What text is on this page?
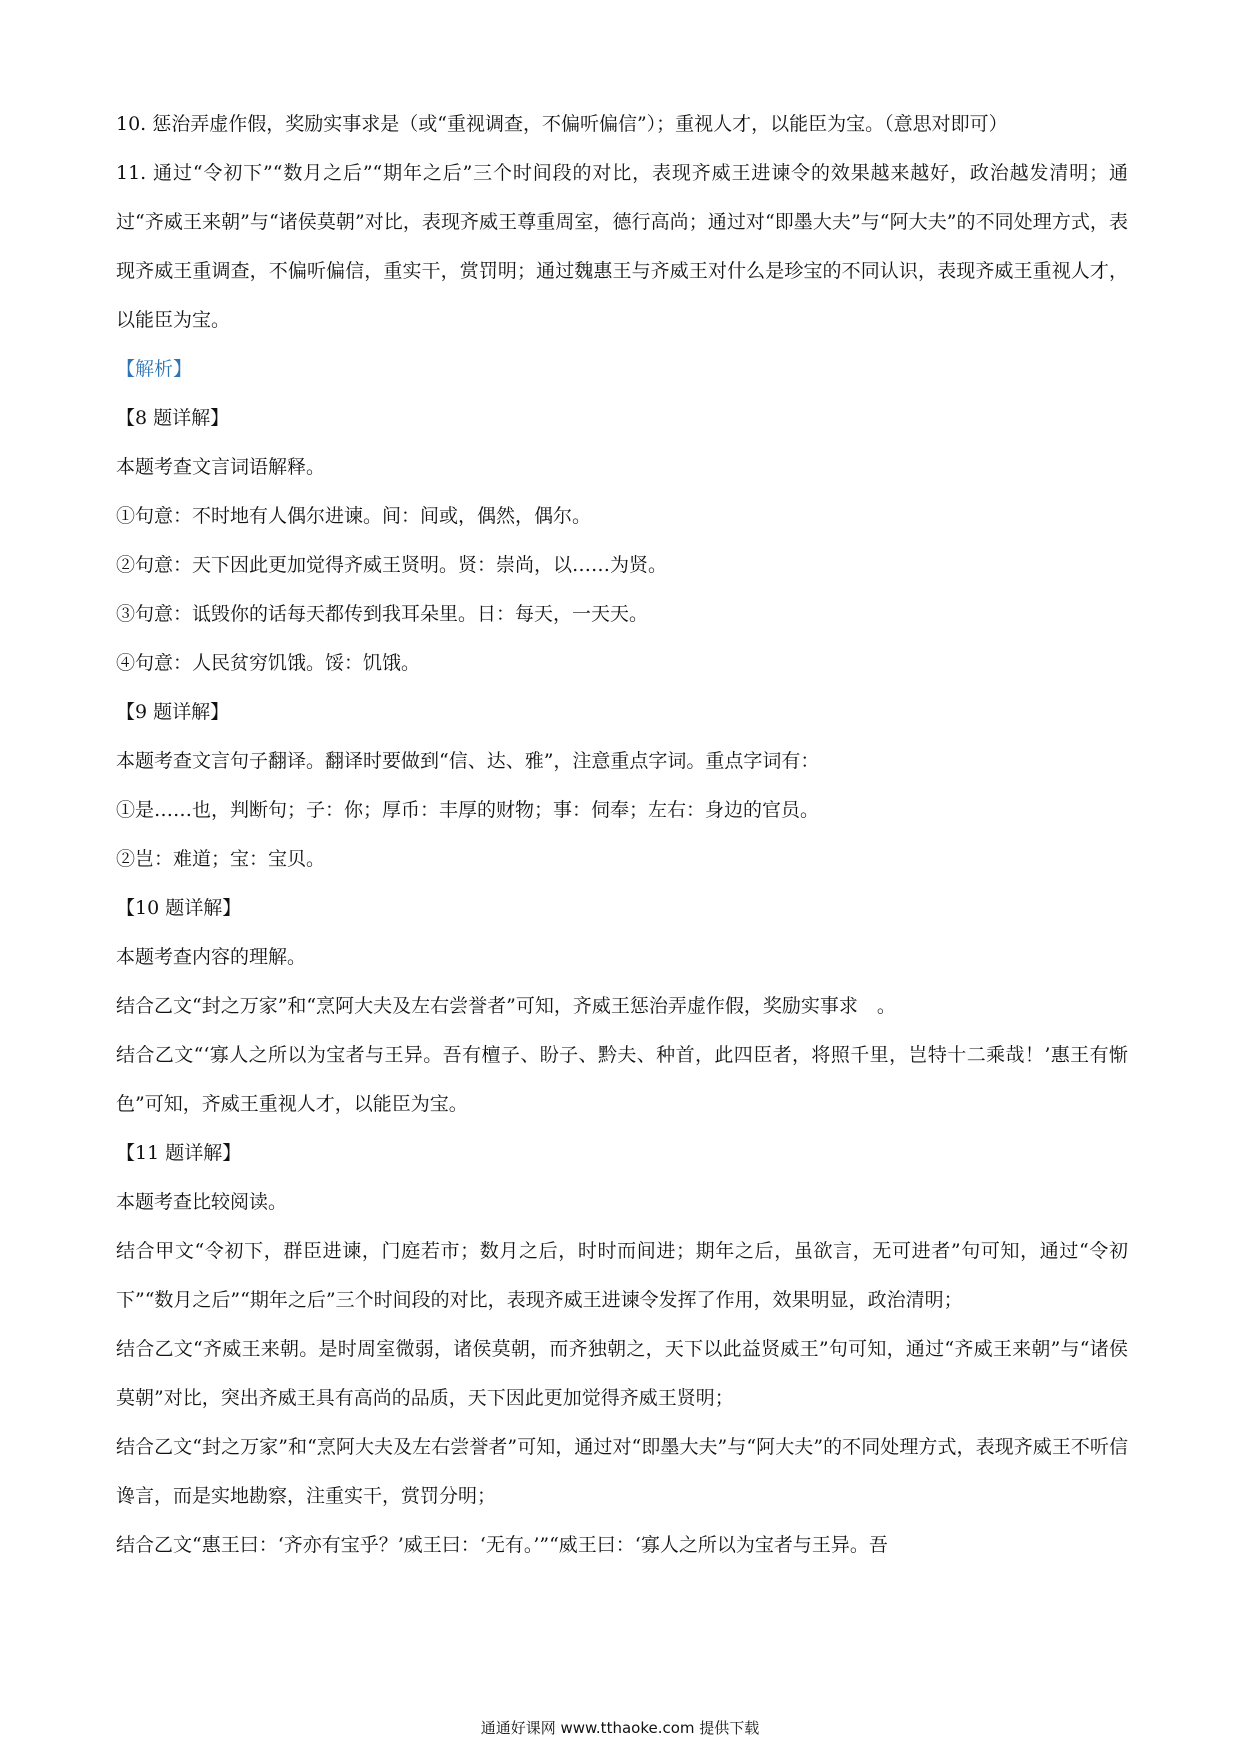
10. 惩治弄虚作假，奖励实事求是（或“重视调查，不偏听偏信”）；重视人才，以能臣为宝。（意思对即可）

11. 通过“令初下”“数月之后”“期年之后”三个时间段的对比，表现齐威王进谏令的效果越来越好，政治越发清明；通过“齐威王来朝”与“诸侯莫朝”对比，表现齐威王尊重周室，德行高尚；通过对“即墨大夫”与“阿大夫”的不同处理方式，表现齐威王重调查，不偏听偏信，重实干，赏罚明；通过魏惠王与齐威王对什么是珍宝的不同认识，表现齐威王重视人才，以能臣为宝。

【解析】

【8 题详解】

本题考查文言词语解释。

①句意：不时地有人偶尔进谏。间：间或，偶然，偶尔。

②句意：天下因此更加觉得齐威王贤明。贤：崇尚，以……为贤。

③句意：诋毁你的话每天都传到我耳朵里。日：每天，一天天。

④句意：人民贫穷饥饿。馁：饥饿。

【9 题详解】

本题考查文言句子翻译。翻译时要做到“信、达、雅”，注意重点字词。重点字词有：

①是……也，判断句；子：你；厚币：丰厚的财物；事：伺奉；左右：身边的官员。

②岂：难道；宝：宝贝。

【10 题详解】

本题考查内容的理解。

结合乙文“封之万家”和“烹阿大夫及左右尝誉者”可知，齐威王惩治弄虚作假，奖励实事求　。

结合乙文“‘寡人之所以为宝者与王异。吾有檀子、盼子、黔夫、种首，此四臣者，将照千里，岂特十二乘哉！’惠王有惭色”可知，齐威王重视人才，以能臣为宝。

【11 题详解】

本题考查比较阅读。

结合甲文“令初下，群臣进谏，门庭若市；数月之后，时时而间进；期年之后，虽欲言，无可进者”句可知，通过“令初下”“数月之后”“期年之后”三个时间段的对比，表现齐威王进谏令发挥了作用，效果明显，政治清明；

结合乙文“齐威王来朝。是时周室微弱，诸侯莫朝，而齐独朝之，天下以此益贤威王”句可知，通过“齐威王来朝”与“诸侯莫朝”对比，突出齐威王具有高尚的品质，天下因此更加觉得齐威王贤明；

结合乙文“封之万家”和“烹阿大夫及左右尝誉者”可知，通过对“即墨大夫”与“阿大夫”的不同处理方式，表现齐威王不听信谗言，而是实地勘察，注重实干，赏罚分明；

结合乙文“惠王曰：‘齐亦有宝乎？’威王曰：‘无有。’”“威王曰：‘寡人之所以为宝者与王异。吾

通通好课网 www.tthaoke.com 提供下载
